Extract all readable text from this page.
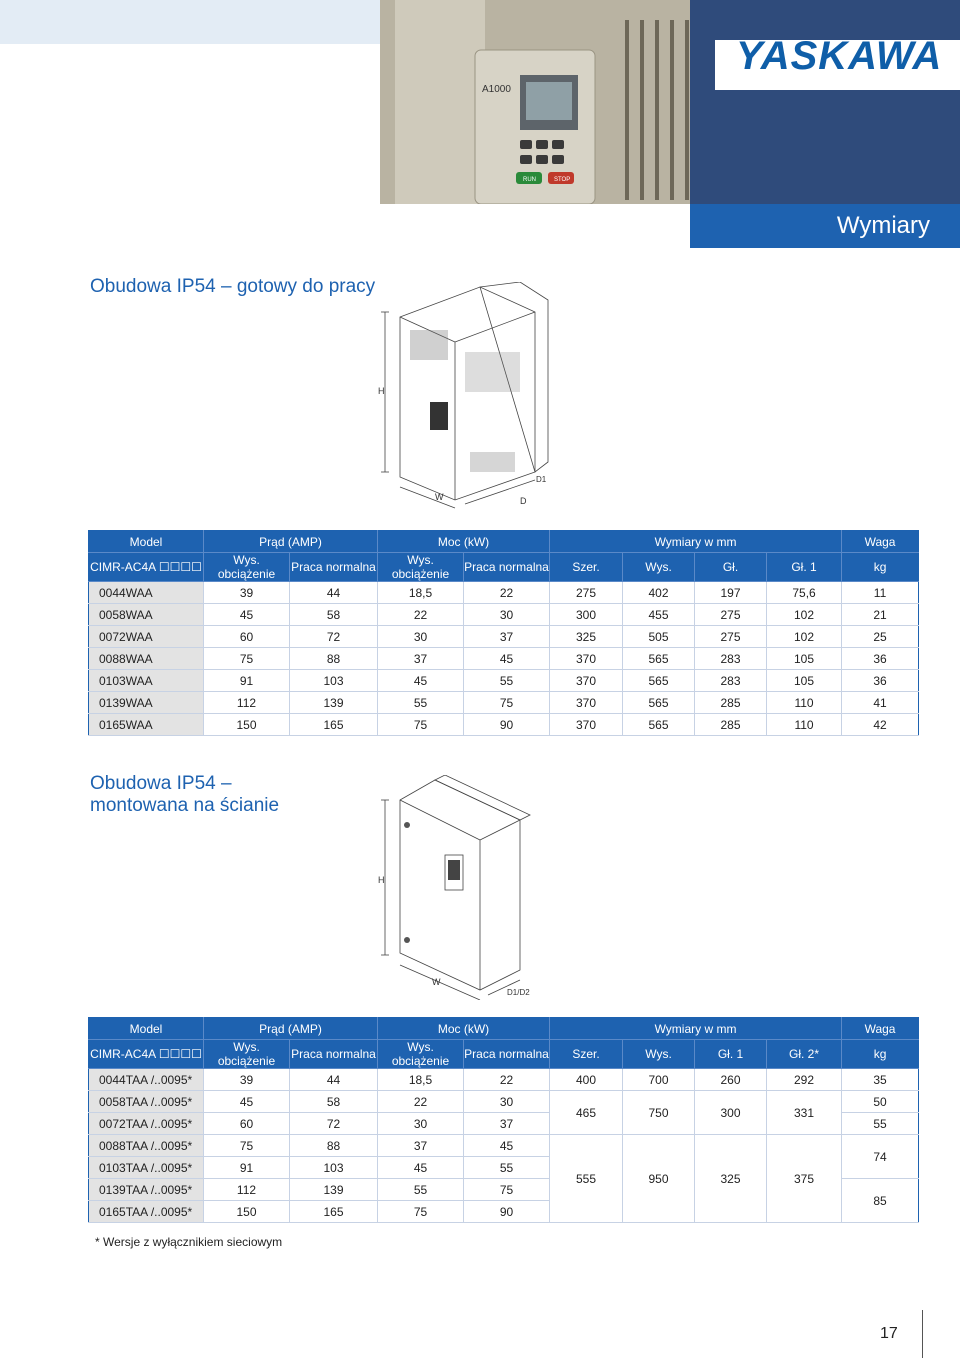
RUN	STOP
A1000
YASKAWA
Wymiary
Obudowa IP54 – gotowy do pracy
H
W	D
D1
Model	Prąd (AMP)		Moc (kW)		Wymiary w mm				Waga
CIMR-AC4A ☐☐☐☐	Wys. obciążenie	Praca normalna	Wys. obciążenie	Praca normalna	Szer.	Wys.	Gł.	Gł. 1	kg
0044WAA	39	44	18,5	22	275	402	197	75,6	11
0058WAA	45	58	22	30	300	455	275	102	21
0072WAA	60	72	30	37	325	505	275	102	25
0088WAA	75	88	37	45	370	565	283	105	36
0103WAA	91	103	45	55	370	565	283	105	36
0139WAA	112	139	55	75	370	565	285	110	41
0165WAA	150	165	75	90	370	565	285	110	42
Obudowa IP54 –
montowana na ścianie
H
W
D1/D2
Model	Prąd (AMP)		Moc (kW)		Wymiary w mm				Waga
CIMR-AC4A ☐☐☐☐	Wys. obciążenie	Praca normalna	Wys. obciążenie	Praca normalna	Szer.	Wys.	Gł. 1	Gł. 2*	kg
0044TAA /..0095*	39	44	18,5	22	400	700	260	292	35
0058TAA /..0095*	45	58	22	30	465	750	300	331	50
0072TAA /..0095*	60	72	30	37					55
0088TAA /..0095*	75	88	37	45	555	950	325	375	74
0103TAA /..0095*	91	103	45	55					
0139TAA /..0095*	112	139	55	75					85
0165TAA /..0095*	150	165	75	90					
* Wersje z wyłącznikiem sieciowym
17
